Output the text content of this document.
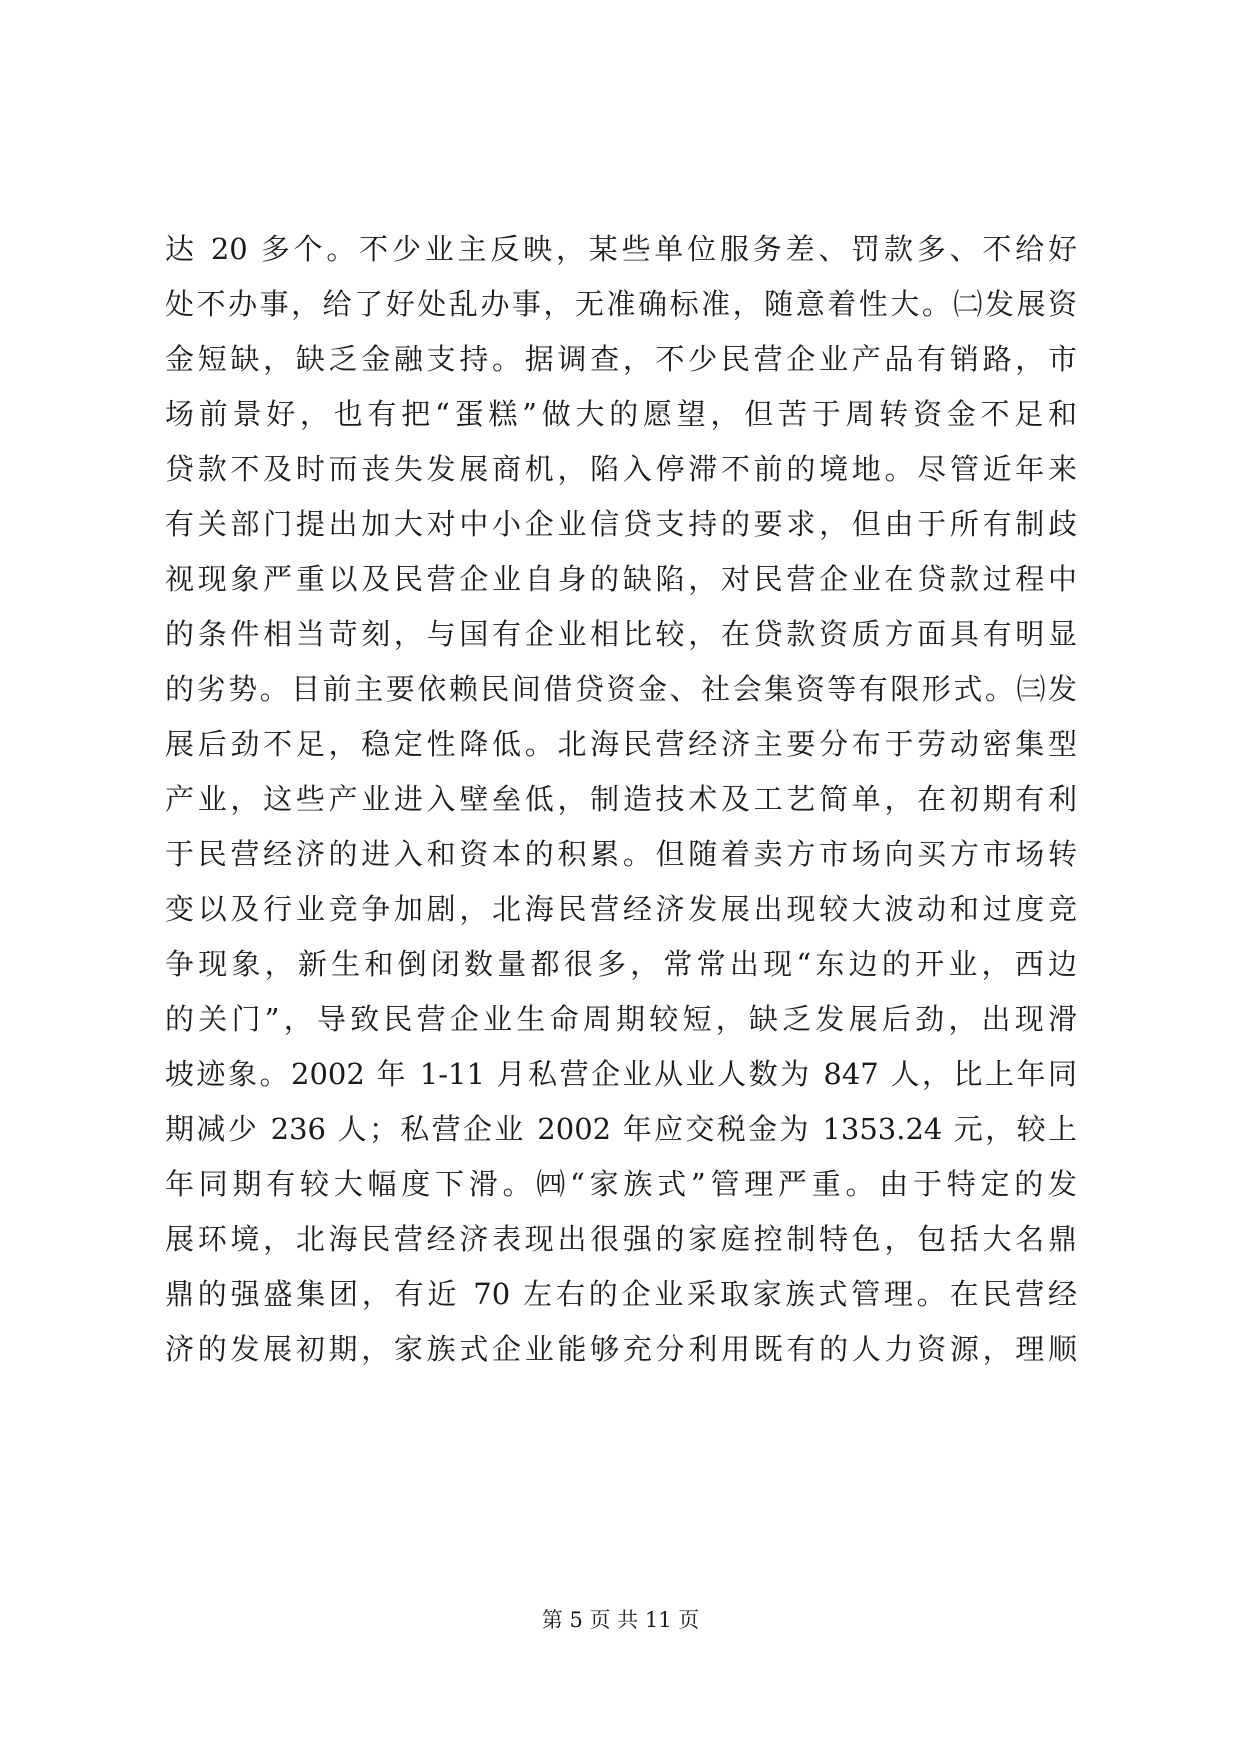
达 20 多个。不少业主反映，某些单位服务差、罚款多、不给好
处不办事，给了好处乱办事，无准确标准，随意着性大。㈡发展资
金短缺，缺乏金融支持。据调查，不少民营企业产品有销路，市
场前景好，也有把“蛋糕”做大的愿望，但苦于周转资金不足和
贷款不及时而丧失发展商机，陷入停滞不前的境地。尽管近年来
有关部门提出加大对中小企业信贷支持的要求，但由于所有制歧
视现象严重以及民营企业自身的缺陷，对民营企业在贷款过程中
的条件相当苛刻，与国有企业相比较，在贷款资质方面具有明显
的劣势。目前主要依赖民间借贷资金、社会集资等有限形式。㈢发
展后劲不足，稳定性降低。北海民营经济主要分布于劳动密集型
产业，这些产业进入壁垒低，制造技术及工艺简单，在初期有利
于民营经济的进入和资本的积累。但随着卖方市场向买方市场转
变以及行业竞争加剧，北海民营经济发展出现较大波动和过度竞
争现象，新生和倒闭数量都很多，常常出现“东边的开业，西边
的关门”，导致民营企业生命周期较短，缺乏发展后劲，出现滑
坡迹象。2002 年 1-11 月私营企业从业人数为 847 人，比上年同
期减少 236 人；私营企业 2002 年应交税金为 1353.24 元，较上
年同期有较大幅度下滑。㈣“家族式”管理严重。由于特定的发
展环境，北海民营经济表现出很强的家庭控制特色，包括大名鼎
鼎的强盛集团，有近 70 左右的企业采取家族式管理。在民营经
济的发展初期，家族式企业能够充分利用既有的人力资源，理顺
第 5 页 共 11 页
